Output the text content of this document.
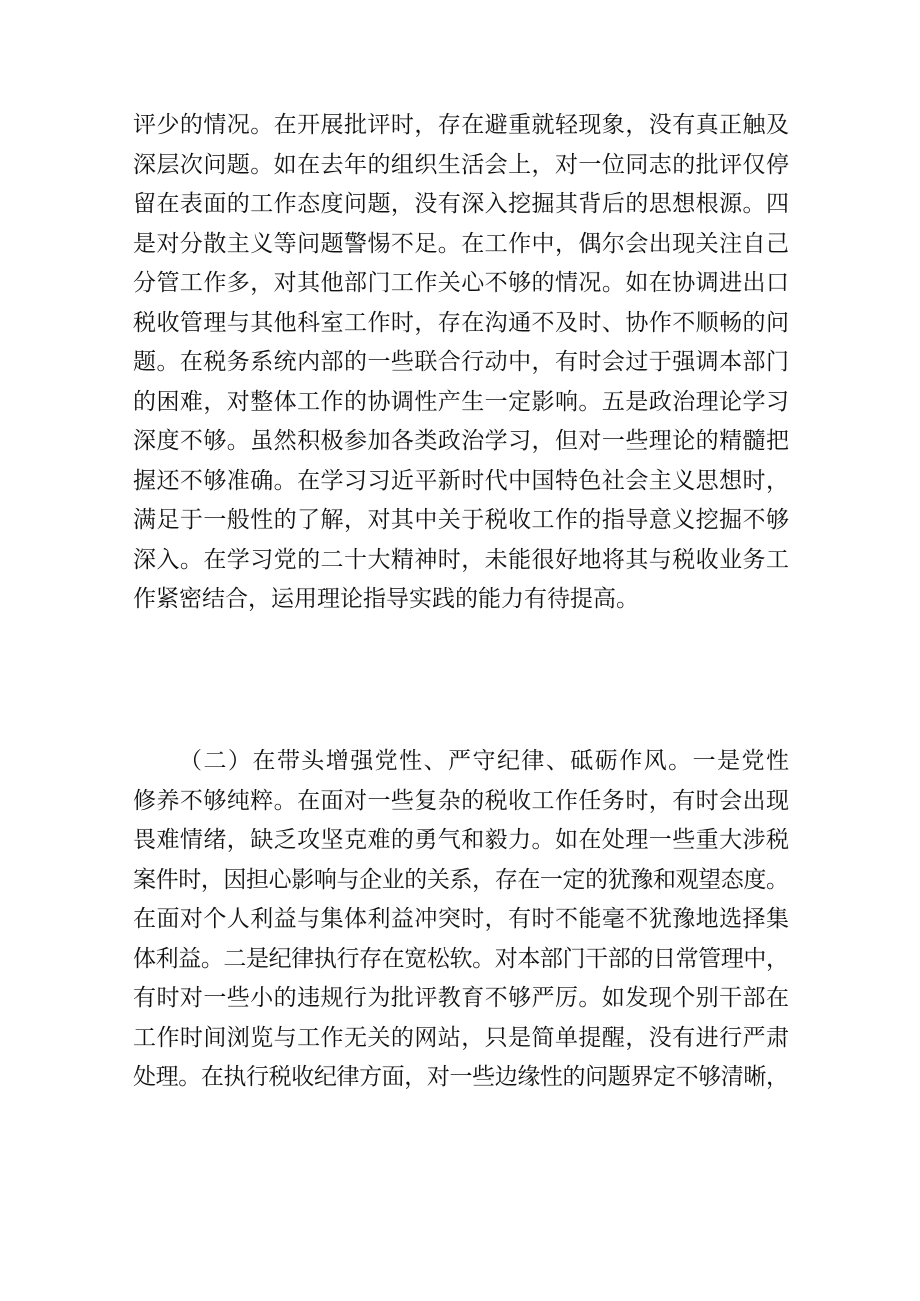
评少的情况。在开展批评时，存在避重就轻现象，没有真正触及
深层次问题。如在去年的组织生活会上，对一位同志的批评仅停
留在表面的工作态度问题，没有深入挖掘其背后的思想根源。四
是对分散主义等问题警惕不足。在工作中，偶尔会出现关注自己
分管工作多，对其他部门工作关心不够的情况。如在协调进出口
税收管理与其他科室工作时，存在沟通不及时、协作不顺畅的问
题。在税务系统内部的一些联合行动中，有时会过于强调本部门
的困难，对整体工作的协调性产生一定影响。五是政治理论学习
深度不够。虽然积极参加各类政治学习，但对一些理论的精髓把
握还不够准确。在学习习近平新时代中国特色社会主义思想时，
满足于一般性的了解，对其中关于税收工作的指导意义挖掘不够
深入。在学习党的二十大精神时，未能很好地将其与税收业务工
作紧密结合，运用理论指导实践的能力有待提高。
（二）在带头增强党性、严守纪律、砥砺作风。一是党性
修养不够纯粹。在面对一些复杂的税收工作任务时，有时会出现
畏难情绪，缺乏攻坚克难的勇气和毅力。如在处理一些重大涉税
案件时，因担心影响与企业的关系，存在一定的犹豫和观望态度。
在面对个人利益与集体利益冲突时，有时不能毫不犹豫地选择集
体利益。二是纪律执行存在宽松软。对本部门干部的日常管理中，
有时对一些小的违规行为批评教育不够严厉。如发现个别干部在
工作时间浏览与工作无关的网站，只是简单提醒，没有进行严肃
处理。在执行税收纪律方面，对一些边缘性的问题界定不够清晰，
